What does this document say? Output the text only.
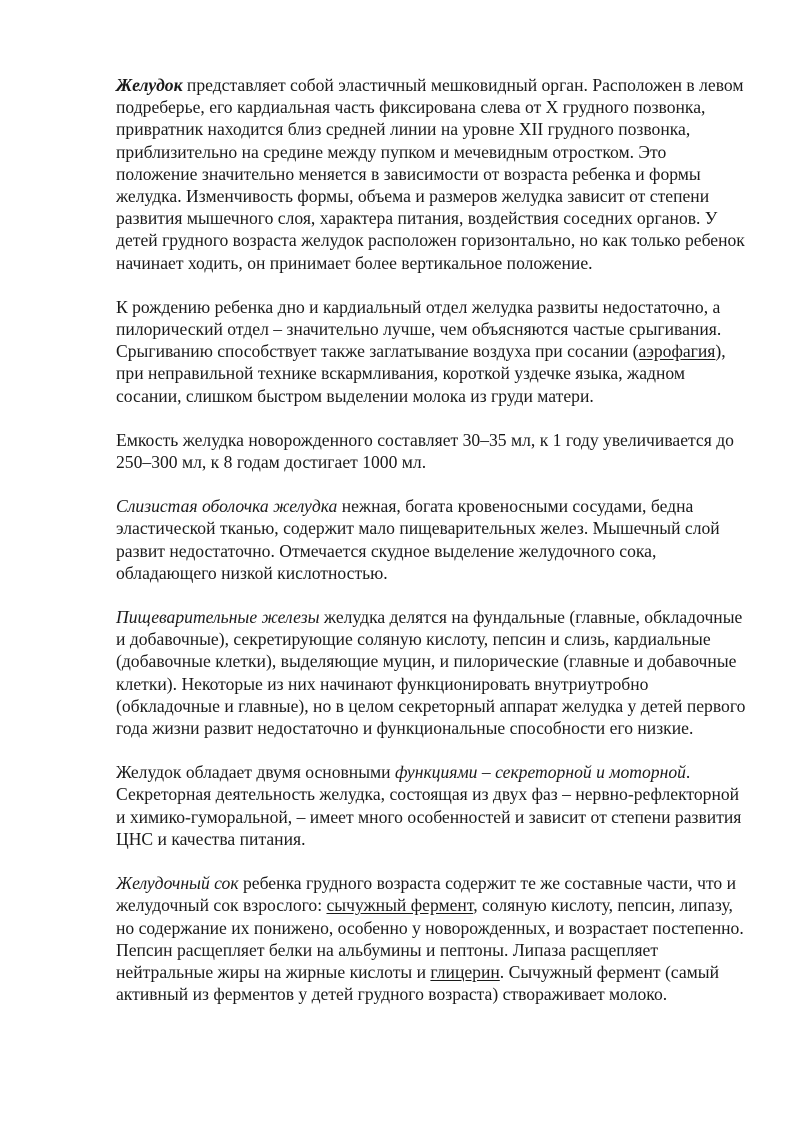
Желудок представляет собой эластичный мешковидный орган. Расположен в левом подреберье, его кардиальная часть фиксирована слева от X грудного позвонка, привратник находится близ средней линии на уровне XII грудного позвонка, приблизительно на средине между пупком и мечевидным отростком. Это положение значительно меняется в зависимости от возраста ребенка и формы желудка. Изменчивость формы, объема и размеров желудка зависит от степени развития мышечного слоя, характера питания, воздействия соседних органов. У детей грудного возраста желудок расположен горизонтально, но как только ребенок начинает ходить, он принимает более вертикальное положение.

К рождению ребенка дно и кардиальный отдел желудка развиты недостаточно, а пилорический отдел – значительно лучше, чем объясняются частые срыгивания. Срыгиванию способствует также заглатывание воздуха при сосании (аэрофагия), при неправильной технике вскармливания, короткой уздечке языка, жадном сосании, слишком быстром выделении молока из груди матери.

Емкость желудка новорожденного составляет 30–35 мл, к 1 году увеличивается до 250–300 мл, к 8 годам достигает 1000 мл.

Слизистая оболочка желудка нежная, богата кровеносными сосудами, бедна эластической тканью, содержит мало пищеварительных желез. Мышечный слой развит недостаточно. Отмечается скудное выделение желудочного сока, обладающего низкой кислотностью.

Пищеварительные железы желудка делятся на фундальные (главные, обкладочные и добавочные), секретирующие соляную кислоту, пепсин и слизь, кардиальные (добавочные клетки), выделяющие муцин, и пилорические (главные и добавочные клетки). Некоторые из них начинают функционировать внутриутробно (обкладочные и главные), но в целом секреторный аппарат желудка у детей первого года жизни развит недостаточно и функциональные способности его низкие.

Желудок обладает двумя основными функциями – секреторной и моторной. Секреторная деятельность желудка, состоящая из двух фаз – нервно-рефлекторной и химико-гуморальной, – имеет много особенностей и зависит от степени развития ЦНС и качества питания.

Желудочный сок ребенка грудного возраста содержит те же составные части, что и желудочный сок взрослого: сычужный фермент, соляную кислоту, пепсин, липазу, но содержание их понижено, особенно у новорожденных, и возрастает постепенно. Пепсин расщепляет белки на альбумины и пептоны. Липаза расщепляет нейтральные жиры на жирные кислоты и глицерин. Сычужный фермент (самый активный из ферментов у детей грудного возраста) створаживает молоко.
